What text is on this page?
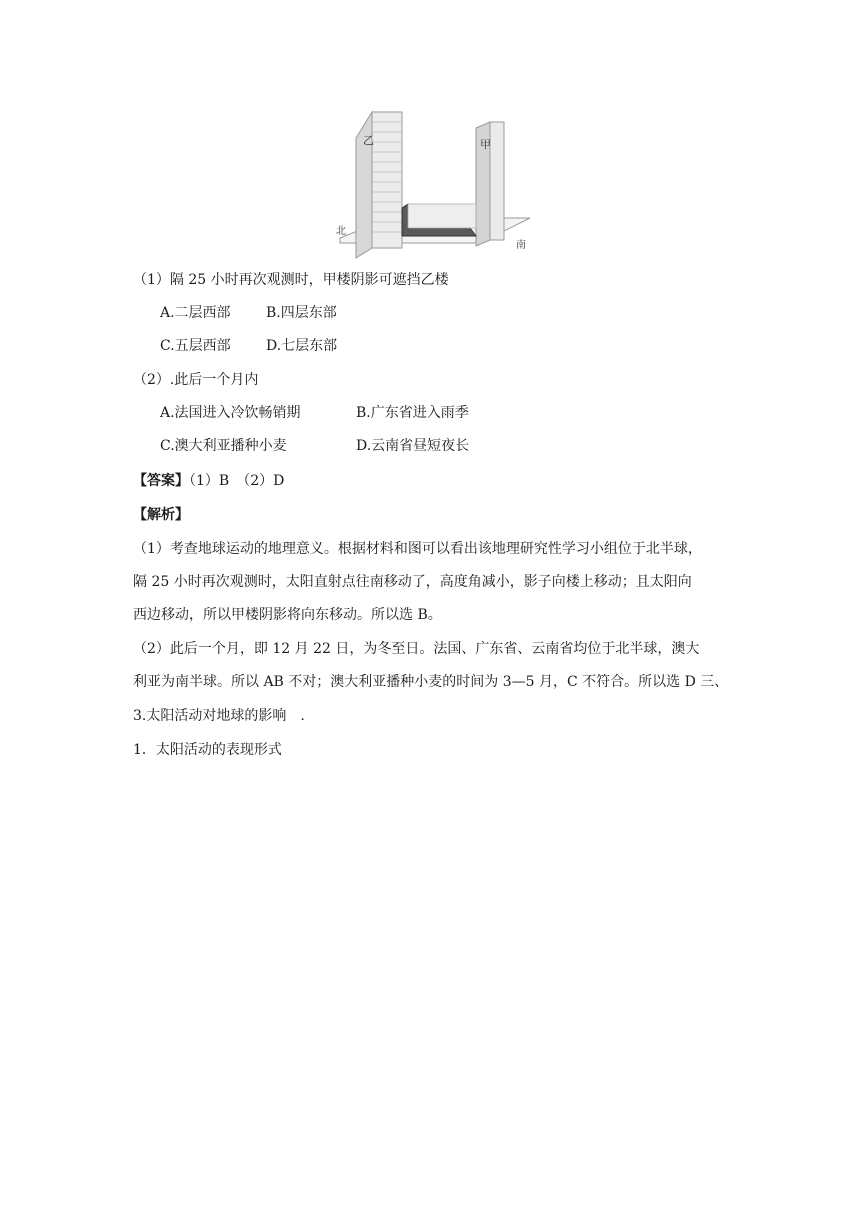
乙	甲
北
南
（1）隔 25 小时再次观测时，甲楼阴影可遮挡乙楼
A.二层西部	B.四层东部
C.五层西部	D.七层东部
（2）.此后一个月内
A.法国进入冷饮畅销期	B.广东省进入雨季
C.澳大利亚播种小麦	D.云南省昼短夜长
【答案】（1）B　（2）D
【解析】
（1）考查地球运动的地理意义。根据材料和图可以看出该地理研究性学习小组位于北半球，
隔 25 小时再次观测时，太阳直射点往南移动了，高度角减小，影子向楼上移动；且太阳向
西边移动，所以甲楼阴影将向东移动。所以选 B。
（2）此后一个月，即 12 月 22 日，为冬至日。法国、广东省、云南省均位于北半球，澳大
利亚为南半球。所以 AB 不对；澳大利亚播种小麦的时间为 3—5 月，C 不符合。所以选 D 三、
3.太阳活动对地球的影响　.
1．太阳活动的表现形式
